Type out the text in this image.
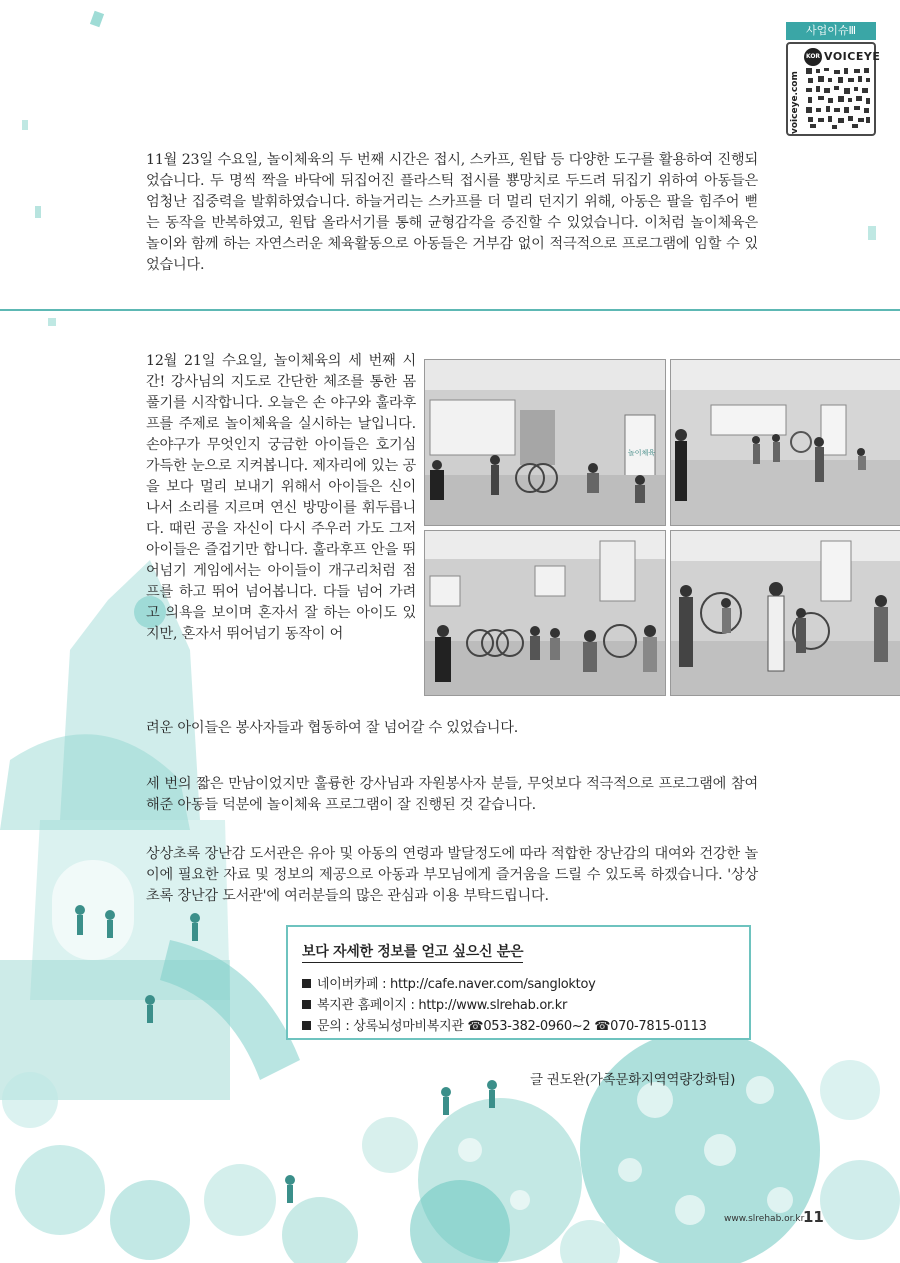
사업이슈Ⅲ
voiceye.com
KOR VOICEYE
11월 23일 수요일, 놀이체육의 두 번째 시간은 접시, 스카프, 원탑 등 다양한 도구를 활용하여 진행되었습니다. 두 명씩 짝을 바닥에 뒤집어진 플라스틱 접시를 뿅망치로 두드려 뒤집기 위하여 아동들은 엄청난 집중력을 발휘하였습니다. 하늘거리는 스카프를 더 멀리 던지기 위해, 아동은 팔을 힘주어 뻗는 동작을 반복하였고, 원탑 올라서기를 통해 균형감각을 증진할 수 있었습니다. 이처럼 놀이체육은 놀이와 함께 하는 자연스러운 체육활동으로 아동들은 거부감 없이 적극적으로 프로그램에 임할 수 있었습니다.
12월 21일 수요일, 놀이체육의 세 번째 시간! 강사님의 지도로 간단한 체조를 통한 몸 풀기를 시작합니다. 오늘은 손 야구와 훌라후프를 주제로 놀이체육을 실시하는 날입니다. 손야구가 무엇인지 궁금한 아이들은 호기심 가득한 눈으로 지켜봅니다. 제자리에 있는 공을 보다 멀리 보내기 위해서 아이들은 신이 나서 소리를 지르며 연신 방망이를 휘두릅니다. 때린 공을 자신이 다시 주우러 가도 그저 아이들은 즐겁기만 합니다. 훌라후프 안을 뛰어넘기 게임에서는 아이들이 개구리처럼 점프를 하고 뛰어 넘어봅니다. 다들 넘어 가려고 의욕을 보이며 혼자서 잘 하는 아이도 있지만, 혼자서 뛰어넘기 동작이 어
려운 아이들은 봉사자들과 협동하여 잘 넘어갈 수 있었습니다.
놀이체육
세 번의 짧은 만남이었지만 훌륭한 강사님과 자원봉사자 분들, 무엇보다 적극적으로 프로그램에 참여해준 아동들 덕분에 놀이체육 프로그램이 잘 진행된 것 같습니다.
상상초록 장난감 도서관은 유아 및 아동의 연령과 발달정도에 따라 적합한 장난감의 대여와 건강한 놀이에 필요한 자료 및 정보의 제공으로 아동과 부모님에게 즐거움을 드릴 수 있도록 하겠습니다. '상상초록 장난감 도서관'에 여러분들의 많은 관심과 이용 부탁드립니다.
보다 자세한 정보를 얻고 싶으신 분은
네이버카페 : http://cafe.naver.com/sangloktoy
복지관 홈페이지 : http://www.slrehab.or.kr
문의 : 상록뇌성마비복지관 ☎053-382-0960~2 ☎070-7815-0113
글 권도완(가족문화지역역량강화팀)
www.slrehab.or.kr
11
